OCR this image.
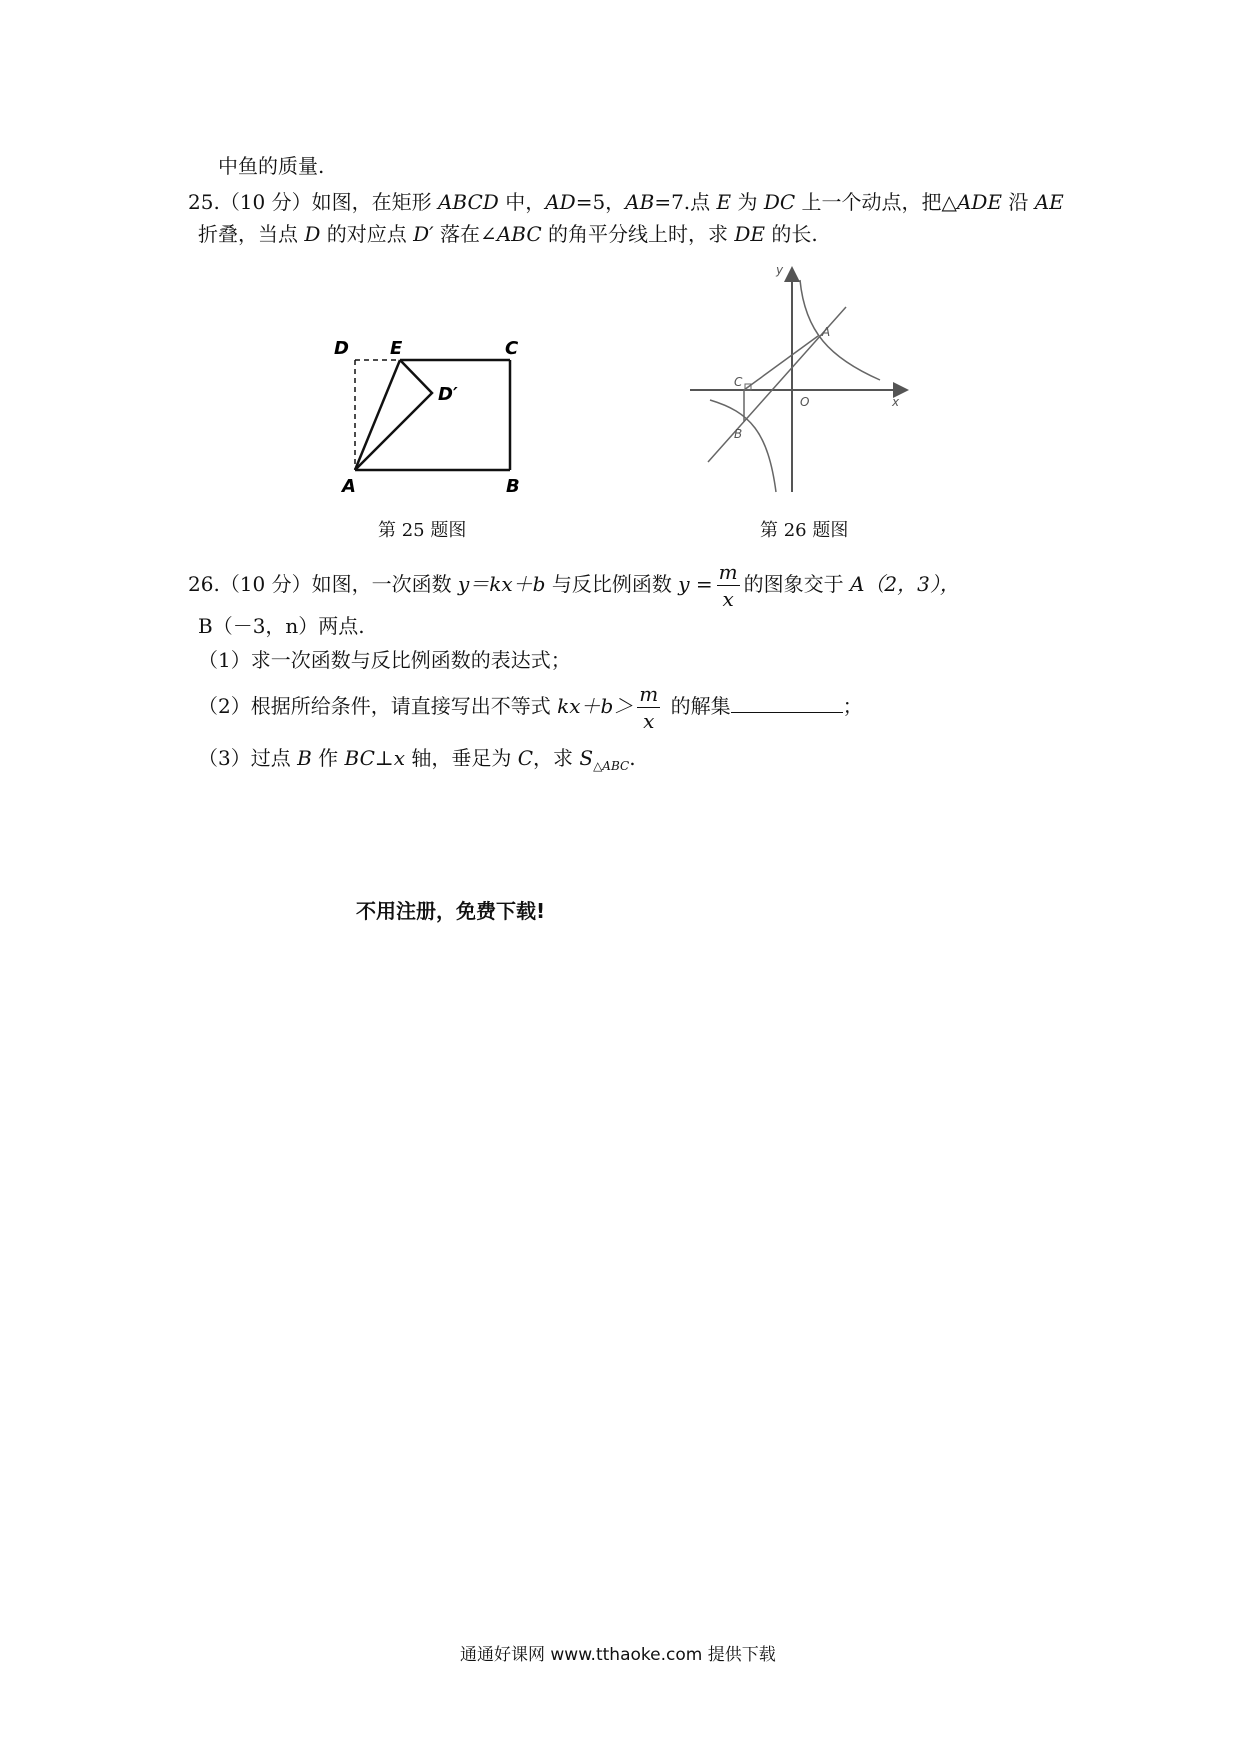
中鱼的质量.
25.（10 分）如图，在矩形 ABCD 中，AD=5，AB=7.点 E 为 DC 上一个动点，把△ADE 沿 AE
折叠，当点 D 的对应点 D′ 落在∠ABC 的角平分线上时，求 DE 的长.
D E	C
D′
A	B
第 25 题图
y
x
O
A
B
C
第 26 题图
26.（10 分）如图，一次函数 y＝kx＋b 与反比例函数 $y = \frac{m}{x}$ 的图象交于 A（2，3），
B（－3，n）两点.
（1）求一次函数与反比例函数的表达式；
（2）根据所给条件，请直接写出不等式 $kx+b> \frac{m}{x}$ 的解集	；
（3）过点 B 作 BC⊥x 轴，垂足为 C，求 $S_{\triangle ABC}$.
不用注册，免费下载!
通通好课网 www.tthaoke.com 提供下载
